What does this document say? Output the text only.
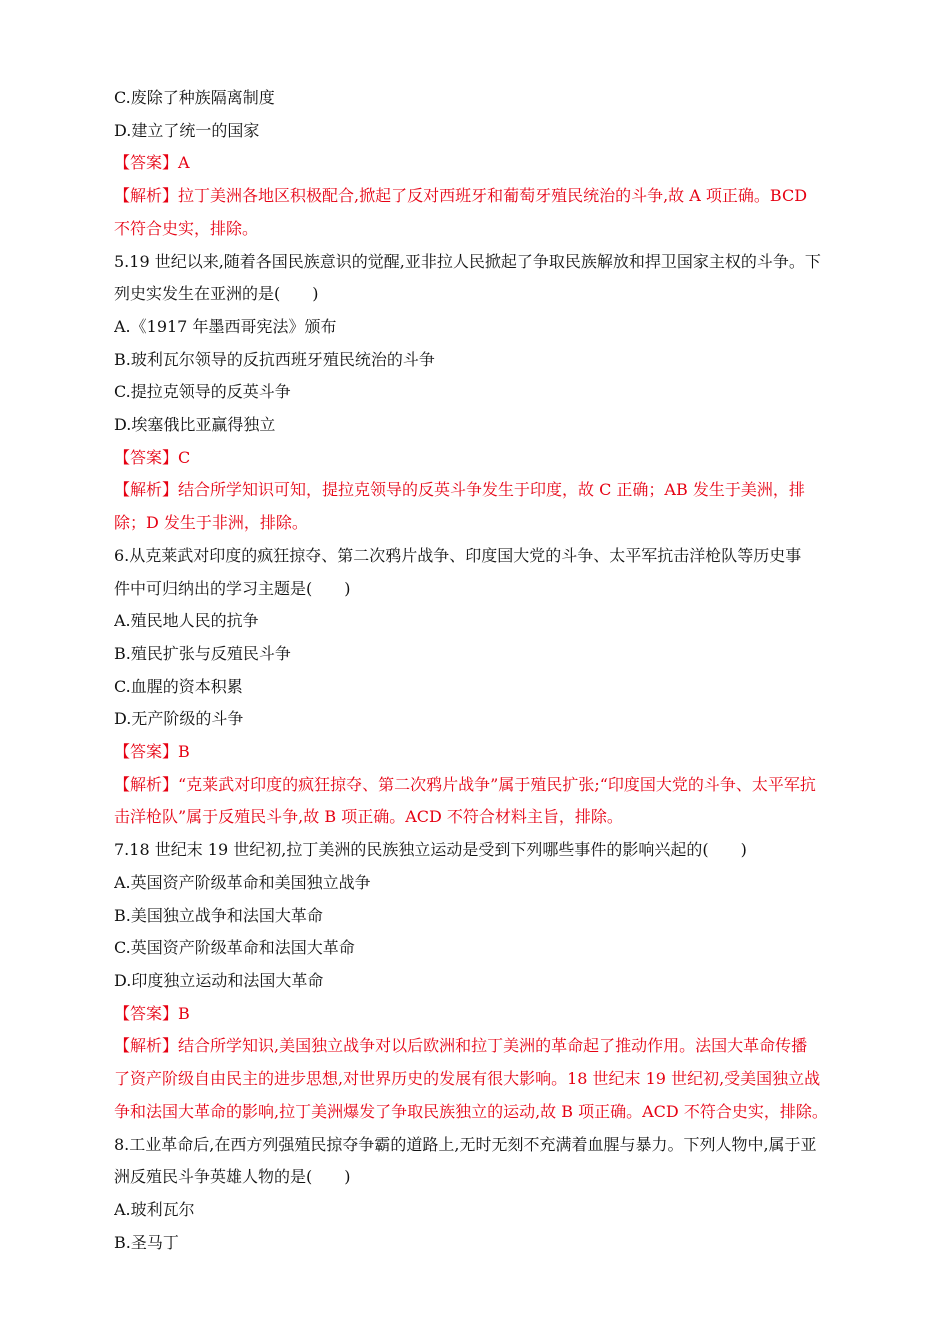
C.废除了种族隔离制度
D.建立了统一的国家
【答案】A
【解析】拉丁美洲各地区积极配合,掀起了反对西班牙和葡萄牙殖民统治的斗争,故 A 项正确。BCD
不符合史实，排除。
5.19 世纪以来,随着各国民族意识的觉醒,亚非拉人民掀起了争取民族解放和捍卫国家主权的斗争。下
列史实发生在亚洲的是(　　)
A.《1917 年墨西哥宪法》颁布
B.玻利瓦尔领导的反抗西班牙殖民统治的斗争
C.提拉克领导的反英斗争
D.埃塞俄比亚赢得独立
【答案】C
【解析】结合所学知识可知，提拉克领导的反英斗争发生于印度，故 C 正确；AB 发生于美洲，排
除；D 发生于非洲，排除。
6.从克莱武对印度的疯狂掠夺、第二次鸦片战争、印度国大党的斗争、太平军抗击洋枪队等历史事
件中可归纳出的学习主题是(　　)
A.殖民地人民的抗争
B.殖民扩张与反殖民斗争
C.血腥的资本积累
D.无产阶级的斗争
【答案】B
【解析】“克莱武对印度的疯狂掠夺、第二次鸦片战争”属于殖民扩张;“印度国大党的斗争、太平军抗
击洋枪队”属于反殖民斗争,故 B 项正确。ACD 不符合材料主旨，排除。
7.18 世纪末 19 世纪初,拉丁美洲的民族独立运动是受到下列哪些事件的影响兴起的(　　)
A.英国资产阶级革命和美国独立战争
B.美国独立战争和法国大革命
C.英国资产阶级革命和法国大革命
D.印度独立运动和法国大革命
【答案】B
【解析】结合所学知识,美国独立战争对以后欧洲和拉丁美洲的革命起了推动作用。法国大革命传播
了资产阶级自由民主的进步思想,对世界历史的发展有很大影响。18 世纪末 19 世纪初,受美国独立战
争和法国大革命的影响,拉丁美洲爆发了争取民族独立的运动,故 B 项正确。ACD 不符合史实，排除。
8.工业革命后,在西方列强殖民掠夺争霸的道路上,无时无刻不充满着血腥与暴力。下列人物中,属于亚
洲反殖民斗争英雄人物的是(　　)
A.玻利瓦尔
B.圣马丁
